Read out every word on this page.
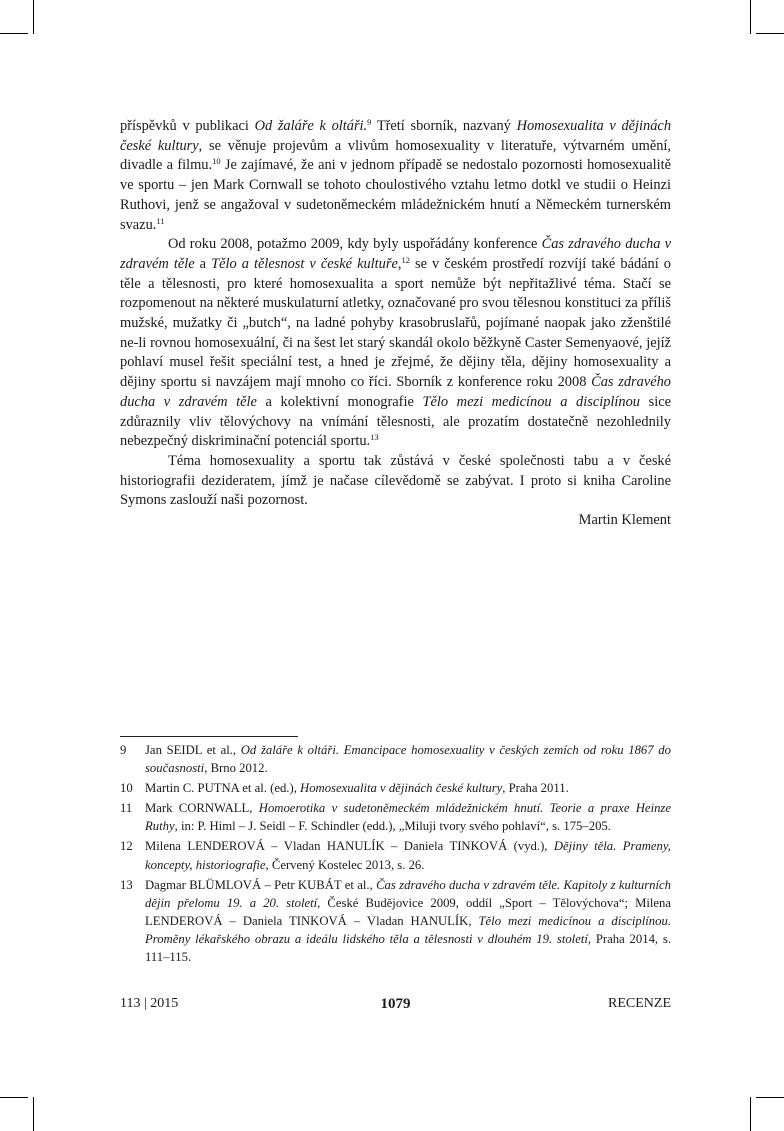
příspěvků v publikaci Od žaláře k oltáři.$^9$ Třetí sborník, nazvaný Homosexualita v dějinách české kultury, se věnuje projevům a vlivům homosexuality v literatuře, výtvarném umění, divadle a filmu.$^{10}$ Je zajímavé, že ani v jednom případě se nedostalo pozornosti homosexualitě ve sportu – jen Mark Cornwall se tohoto choulostivého vztahu letmo dotkl ve studii o Heinzi Ruthovi, jenž se angažoval v sudetoněmeckém mládežnickém hnutí a Německém turnerském svazu.$^{11}$

Od roku 2008, potažmo 2009, kdy byly uspořádány konference Čas zdravého ducha v zdravém těle a Tělo a tělesnost v české kultuře,$^{12}$ se v českém prostředí rozvíjí také bádání o těle a tělesnosti, pro které homosexualita a sport nemůže být nepřitažlivé téma. Stačí se rozpomenout na některé muskulaturní atletky, označované pro svou tělesnou konstituci za příliš mužské, mužatky či „butch“, na ladné pohyby krasobruslařů, pojímané naopak jako zženštilé ne-li rovnou homosexuální, či na šest let starý skandál okolo běžkyně Caster Semenyaové, jejíž pohlaví musel řešit speciální test, a hned je zřejmé, že dějiny těla, dějiny homosexuality a dějiny sportu si navzájem mají mnoho co říci. Sborník z konference roku 2008 Čas zdravého ducha v zdravém těle a kolektivní monografie Tělo mezi medicínou a disciplínou sice zdůraznily vliv tělovýchovy na vnímání tělesnosti, ale prozatím dostatečně nezohlednily nebezpečný diskriminační potenciál sportu.$^{13}$

Téma homosexuality a sportu tak zůstává v české společnosti tabu a v české historiografii dezideratem, jímž je načase cílevědomě se zabývat. I proto si kniha Caroline Symons zaslouží naši pozornost.

Martin Klement

9	Jan SEIDL et al., Od žaláře k oltáři. Emancipace homosexuality v českých zemích od roku 1867 do současnosti, Brno 2012.
10 Martin C. PUTNA et al. (ed.), Homosexualita v dějinách české kultury, Praha 2011.
11	Mark CORNWALL, Homoerotika v sudetoněmeckém mládežnickém hnutí. Teorie a praxe Heinze Ruthy, in: P. Himl – J. Seidl – F. Schindler (edd.), „Miluji tvory svého pohlaví“, s. 175–205.
12 Milena LENDEROVÁ – Vladan HANULÍK – Daniela TINKOVÁ (vyd.), Dějiny těla. Prameny, koncepty, historiografie, Červený Kostelec 2013, s. 26.
13 Dagmar BLÜMLOVÁ – Petr KUBÁT et al., Čas zdravého ducha v zdravém těle. Kapitoly z kulturních dějin přelomu 19. a 20. století, České Budějovice 2009, oddíl „Sport – Tělovýchova“; Milena LENDEROVÁ – Daniela TINKOVÁ – Vladan HANULÍK, Tělo mezi medicínou a disciplínou. Proměny lékařského obrazu a ideálu lidského těla a tělesnosti v dlouhém 19. století, Praha 2014, s. 111–115.
113 | 2015	1079	RECENZE
